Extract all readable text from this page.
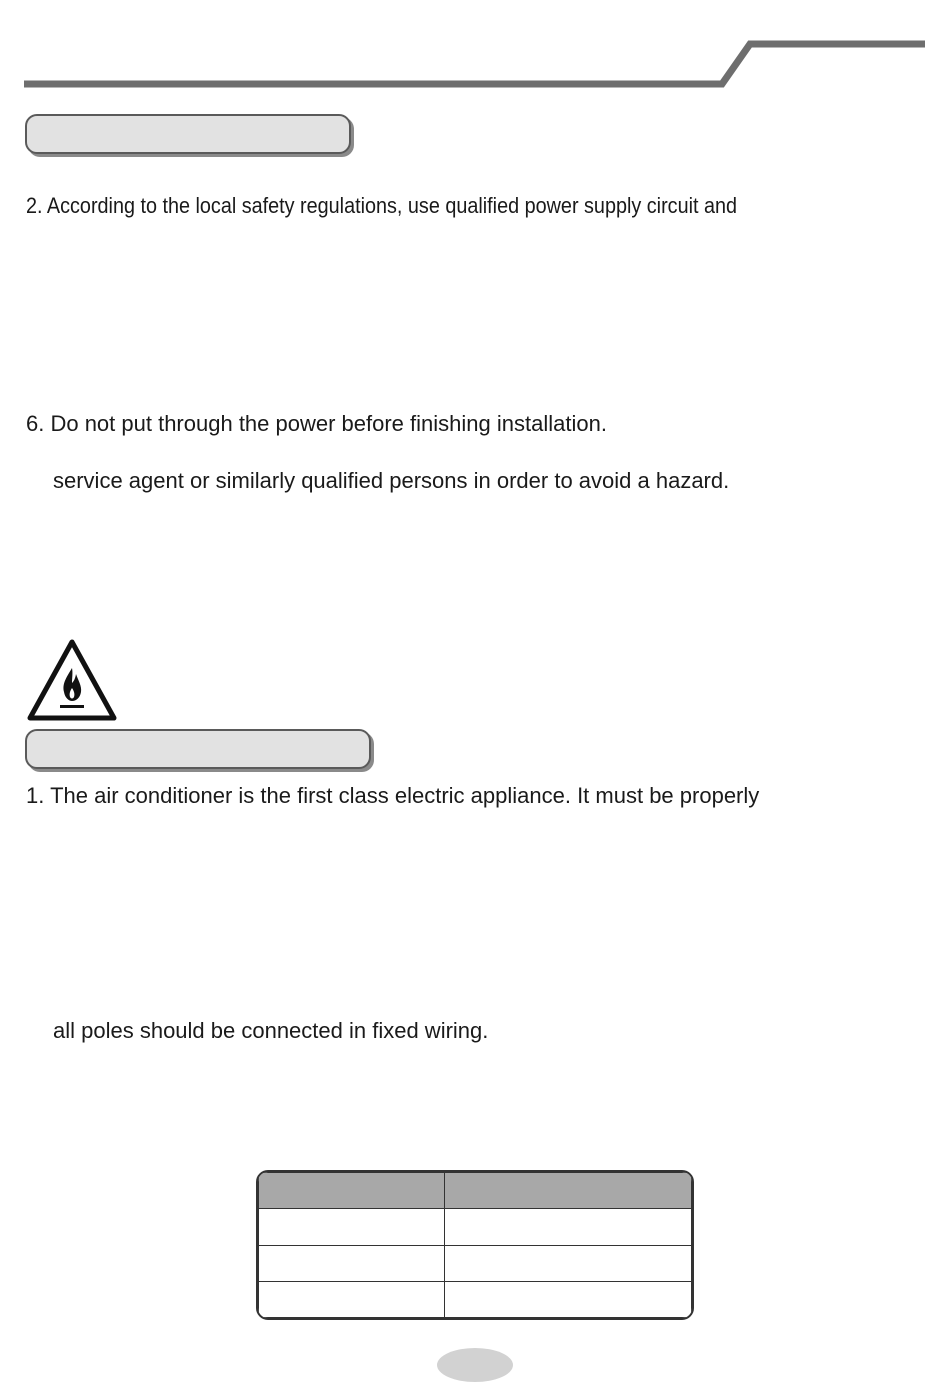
2. According to the local safety regulations, use qualified power supply circuit and
6. Do not put through the power before finishing installation.
service agent or similarly qualified persons in order to avoid a hazard.
1. The air conditioner is the first class electric appliance. It must be properly
all poles should be connected in fixed wiring.
